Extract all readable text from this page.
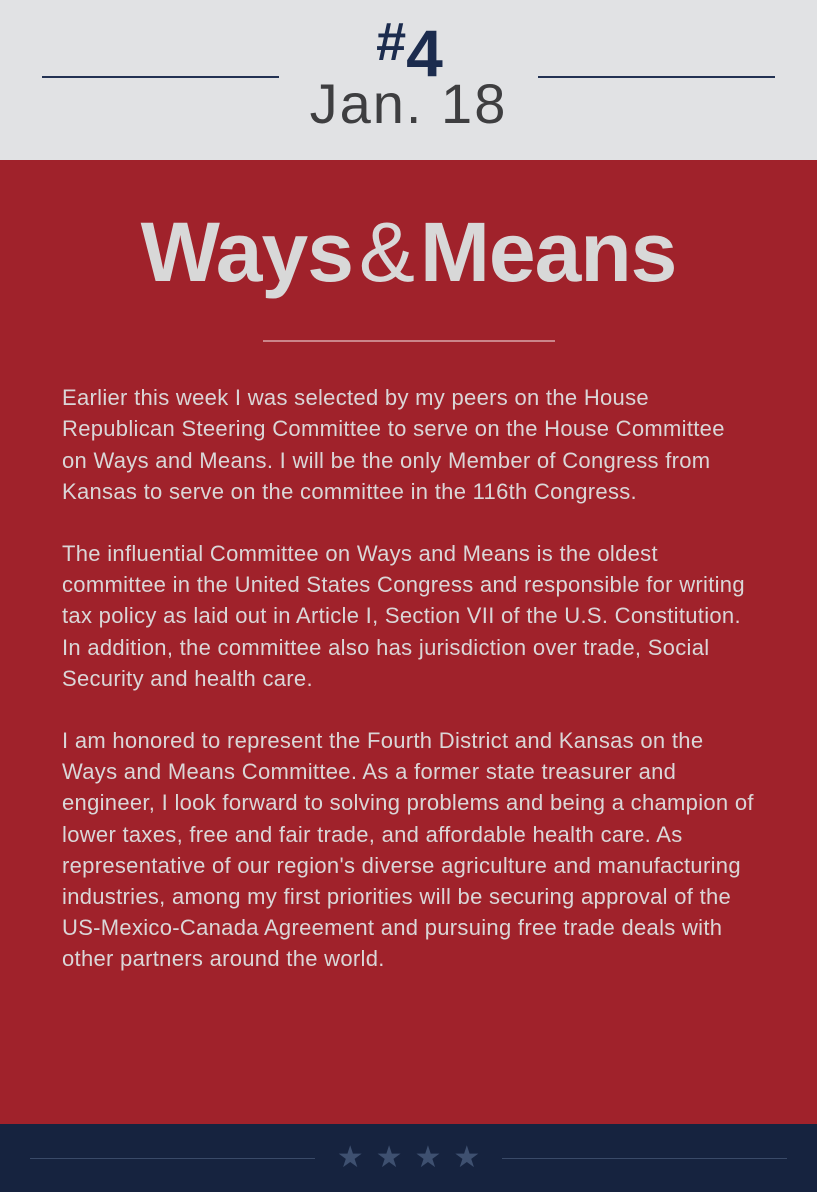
#4
Jan. 18
Ways&Means

Earlier this week I was selected by my peers on the House Republican Steering Committee to serve on the House Committee on Ways and Means. I will be the only Member of Congress from Kansas to serve on the committee in the 116th Congress.

The influential Committee on Ways and Means is the oldest committee in the United States Congress and responsible for writing tax policy as laid out in Article I, Section VII of the U.S. Constitution. In addition, the committee also has jurisdiction over trade, Social Security and health care.

I am honored to represent the Fourth District and Kansas on the Ways and Means Committee. As a former state treasurer and engineer, I look forward to solving problems and being a champion of lower taxes, free and fair trade, and affordable health care. As representative of our region's diverse agriculture and manufacturing industries, among my first priorities will be securing approval of the US-Mexico-Canada Agreement and pursuing free trade deals with other partners around the world.

★★★★
